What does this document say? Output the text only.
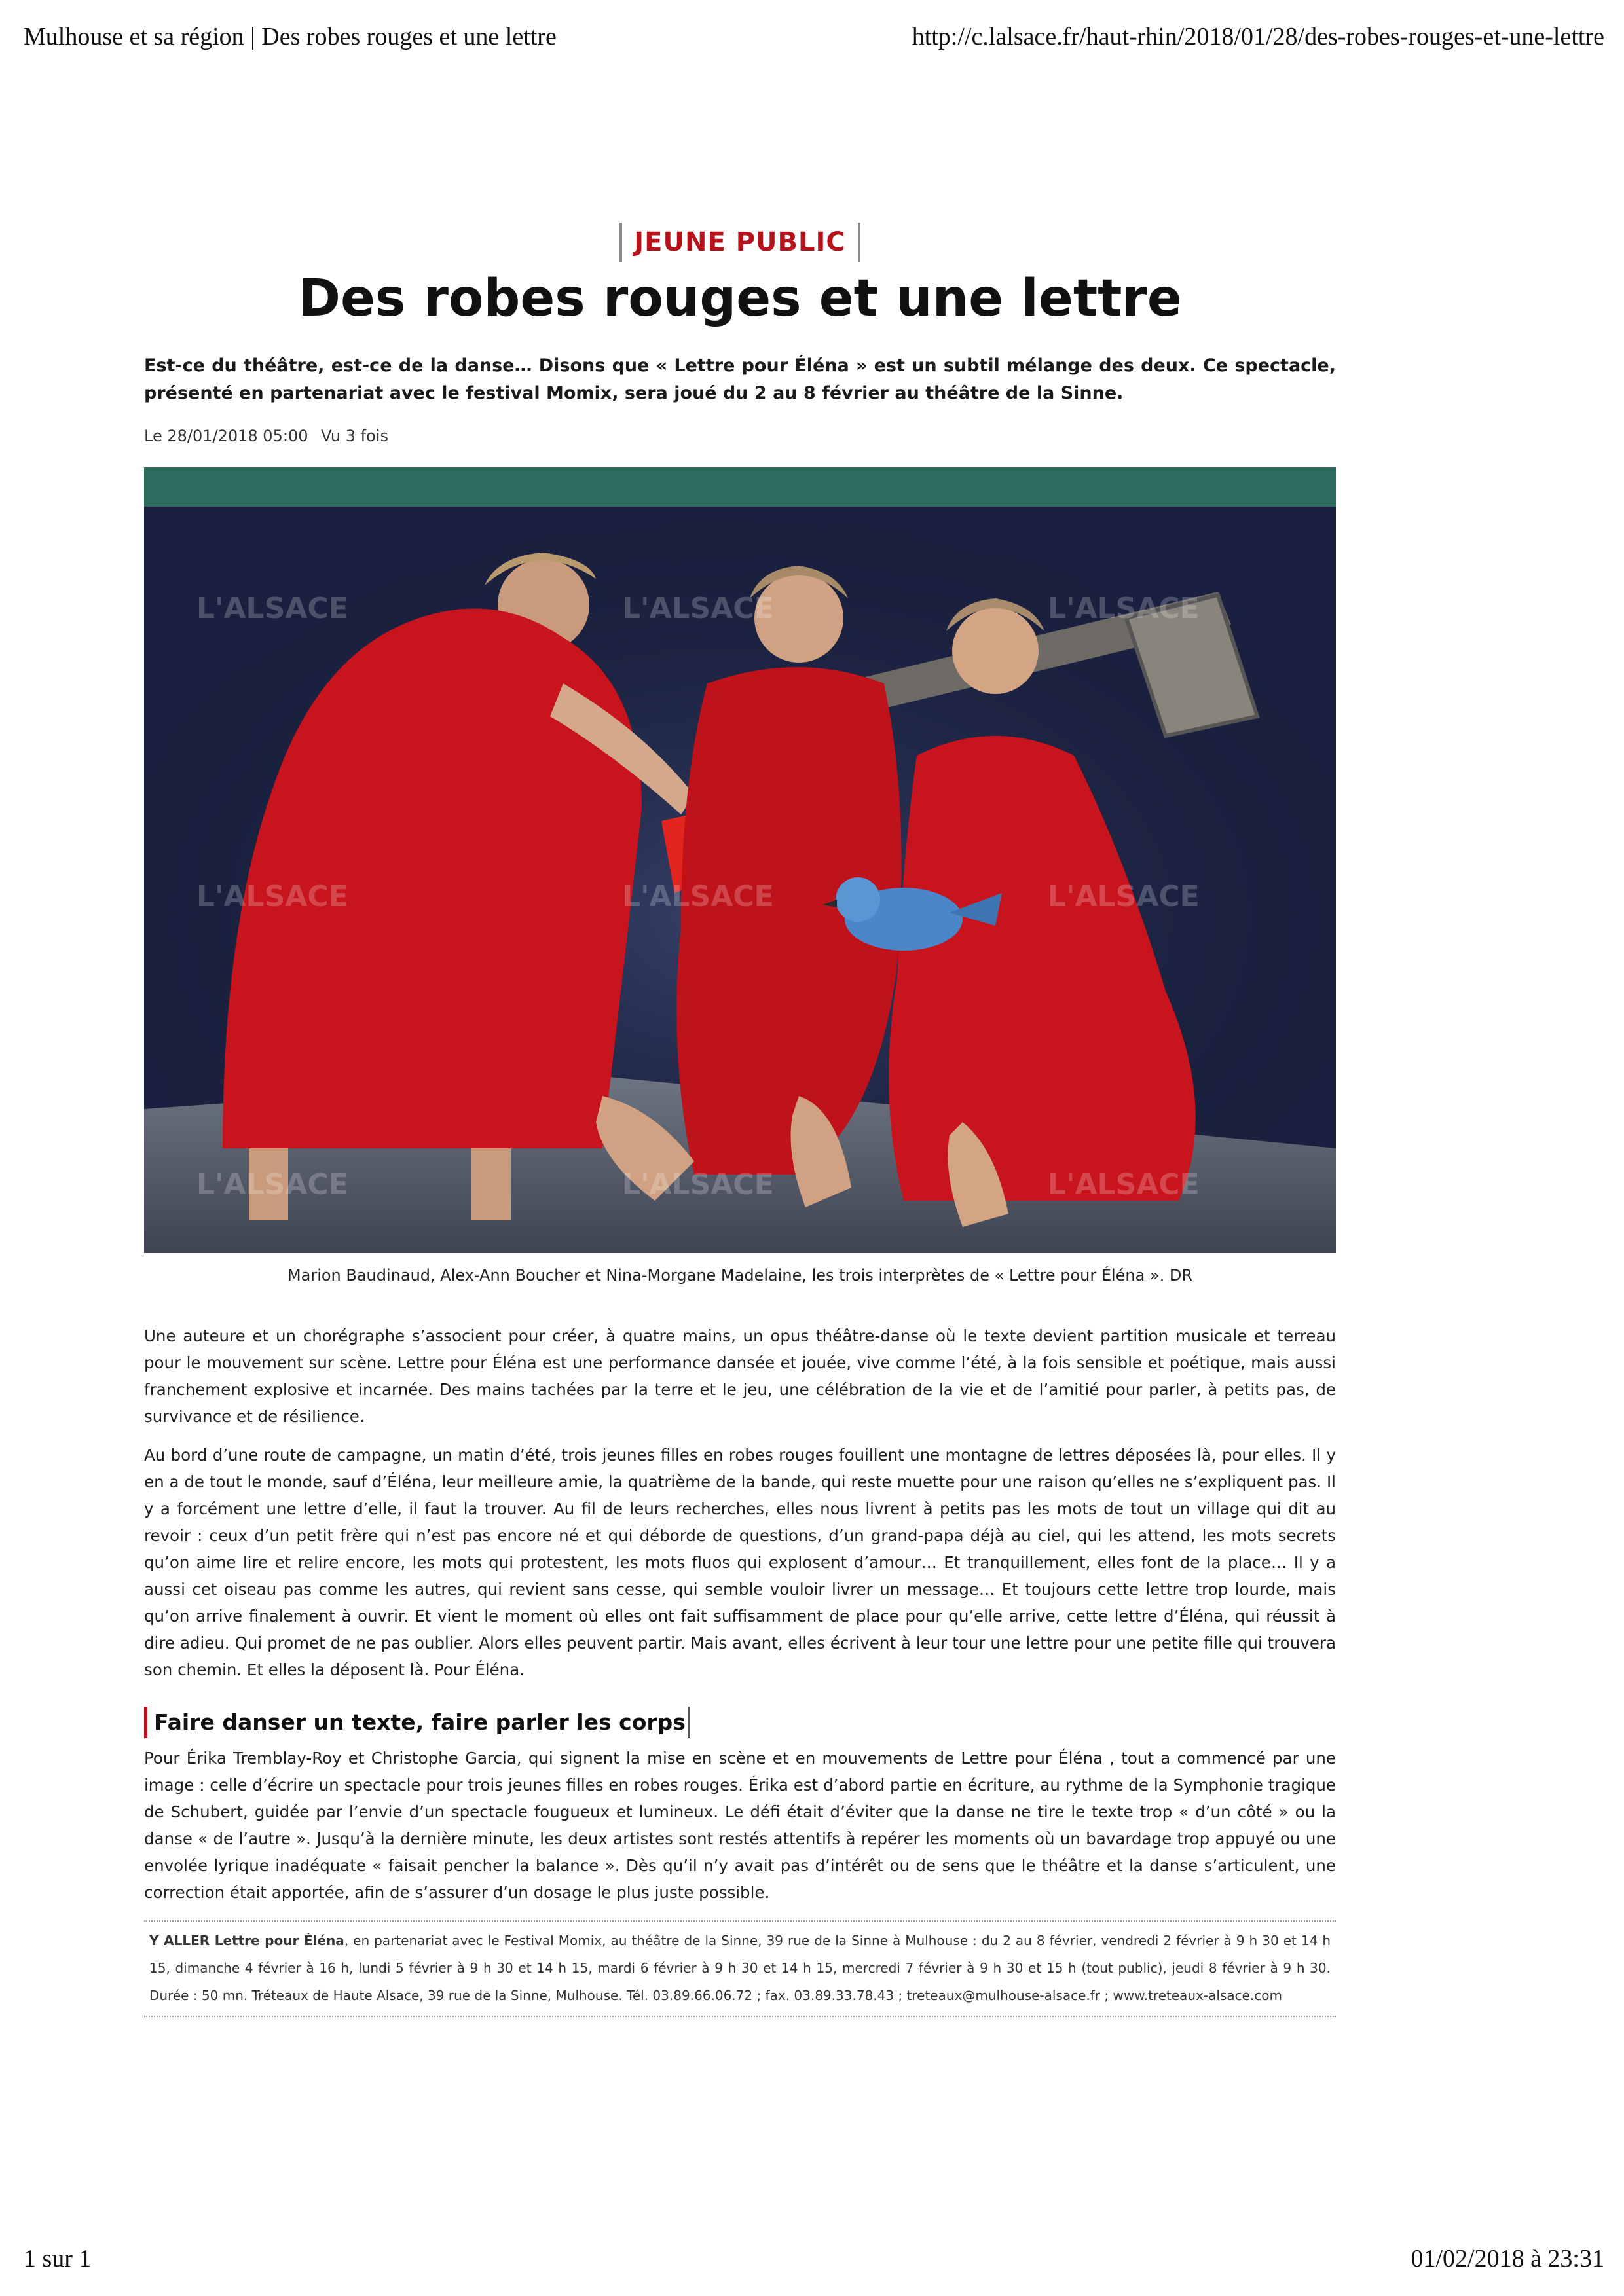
Mulhouse et sa région | Des robes rouges et une lettre	http://c.lalsace.fr/haut-rhin/2018/01/28/des-robes-rouges-et-une-lettre
JEUNE PUBLIC
Des robes rouges et une lettre

Est-ce du théâtre, est-ce de la danse… Disons que « Lettre pour Éléna » est un subtil mélange des deux. Ce spectacle, présenté en partenariat avec le festival Momix, sera joué du 2 au 8 février au théâtre de la Sinne.

Le 28/01/2018 05:00 Vu 3 fois
L'ALSACE	L'ALSACE	L'ALSACE
L'ALSACE	L'ALSACE	L'ALSACE
L'ALSACE	L'ALSACE	L'ALSACE
Marion Baudinaud, Alex-Ann Boucher et Nina-Morgane Madelaine, les trois interprètes de « Lettre pour Éléna ». DR

Une auteure et un chorégraphe s’associent pour créer, à quatre mains, un opus théâtre-danse où le texte devient partition musicale et terreau pour le mouvement sur scène. Lettre pour Éléna est une performance dansée et jouée, vive comme l’été, à la fois sensible et poétique, mais aussi franchement explosive et incarnée. Des mains tachées par la terre et le jeu, une célébration de la vie et de l’amitié pour parler, à petits pas, de survivance et de résilience.

Au bord d’une route de campagne, un matin d’été, trois jeunes filles en robes rouges fouillent une montagne de lettres déposées là, pour elles. Il y en a de tout le monde, sauf d’Éléna, leur meilleure amie, la quatrième de la bande, qui reste muette pour une raison qu’elles ne s’expliquent pas. Il y a forcément une lettre d’elle, il faut la trouver. Au fil de leurs recherches, elles nous livrent à petits pas les mots de tout un village qui dit au revoir : ceux d’un petit frère qui n’est pas encore né et qui déborde de questions, d’un grand-papa déjà au ciel, qui les attend, les mots secrets qu’on aime lire et relire encore, les mots qui protestent, les mots fluos qui explosent d’amour… Et tranquillement, elles font de la place… Il y a aussi cet oiseau pas comme les autres, qui revient sans cesse, qui semble vouloir livrer un message… Et toujours cette lettre trop lourde, mais qu’on arrive finalement à ouvrir. Et vient le moment où elles ont fait suffisamment de place pour qu’elle arrive, cette lettre d’Éléna, qui réussit à dire adieu. Qui promet de ne pas oublier. Alors elles peuvent partir. Mais avant, elles écrivent à leur tour une lettre pour une petite fille qui trouvera son chemin. Et elles la déposent là. Pour Éléna.

Faire danser un texte, faire parler les corps

Pour Érika Tremblay-Roy et Christophe Garcia, qui signent la mise en scène et en mouvements de Lettre pour Éléna , tout a commencé par une image : celle d’écrire un spectacle pour trois jeunes filles en robes rouges. Érika est d’abord partie en écriture, au rythme de la Symphonie tragique de Schubert, guidée par l’envie d’un spectacle fougueux et lumineux. Le défi était d’éviter que la danse ne tire le texte trop « d’un côté » ou la danse « de l’autre ». Jusqu’à la dernière minute, les deux artistes sont restés attentifs à repérer les moments où un bavardage trop appuyé ou une envolée lyrique inadéquate « faisait pencher la balance ». Dès qu’il n’y avait pas d’intérêt ou de sens que le théâtre et la danse s’articulent, une correction était apportée, afin de s’assurer d’un dosage le plus juste possible.

Y ALLER Lettre pour Éléna, en partenariat avec le Festival Momix, au théâtre de la Sinne, 39 rue de la Sinne à Mulhouse : du 2 au 8 février, vendredi 2 février à 9 h 30 et 14 h 15, dimanche 4 février à 16 h, lundi 5 février à 9 h 30 et 14 h 15, mardi 6 février à 9 h 30 et 14 h 15, mercredi 7 février à 9 h 30 et 15 h (tout public), jeudi 8 février à 9 h 30. Durée : 50 mn. Tréteaux de Haute Alsace, 39 rue de la Sinne, Mulhouse. Tél. 03.89.66.06.72 ; fax. 03.89.33.78.43 ; treteaux@mulhouse-alsace.fr ; www.treteaux-alsace.com
1 sur 1	01/02/2018 à 23:31
